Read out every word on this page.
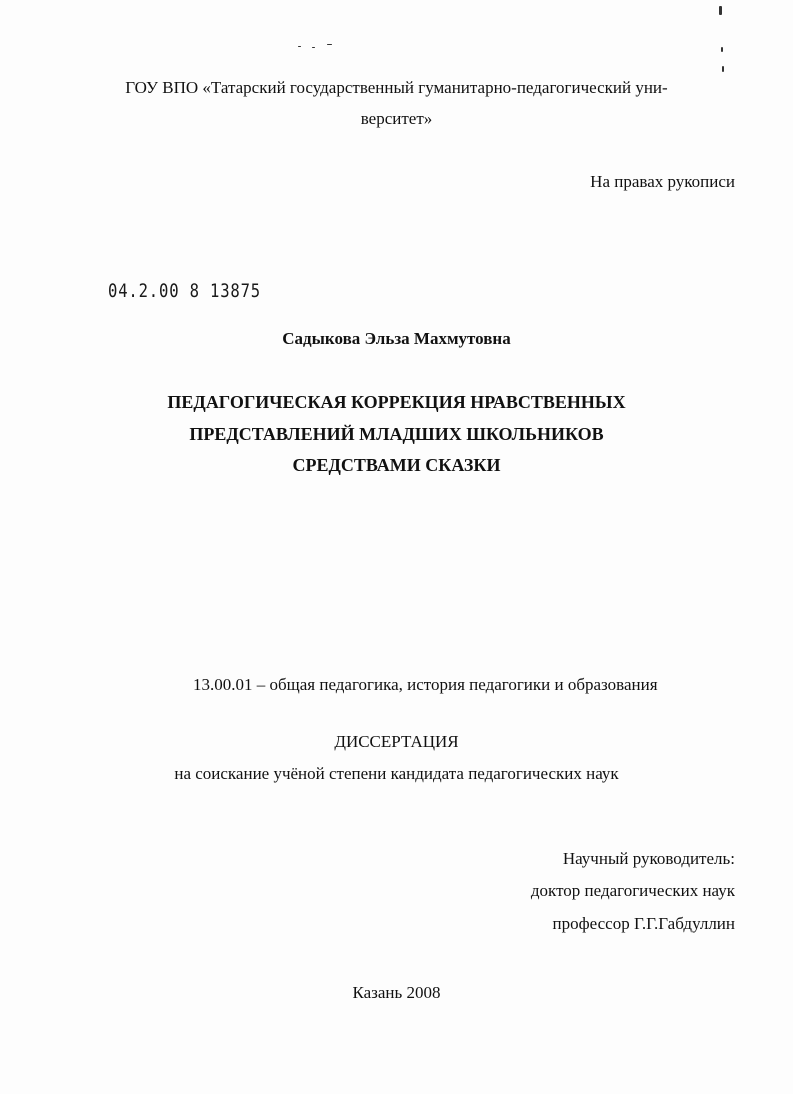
ГОУ ВПО «Татарский государственный гуманитарно-педагогический уни-
верситет»
На правах рукописи
04.2.00 8 13875
Садыкова Эльза Махмутовна
ПЕДАГОГИЧЕСКАЯ КОРРЕКЦИЯ НРАВСТВЕННЫХ
ПРЕДСТАВЛЕНИЙ МЛАДШИХ ШКОЛЬНИКОВ
СРЕДСТВАМИ СКАЗКИ
13.00.01 – общая педагогика, история педагогики и образования
ДИССЕРТАЦИЯ
на соискание учёной степени кандидата педагогических наук
Научный руководитель:
доктор педагогических наук
профессор Г.Г.Габдуллин
Казань 2008
